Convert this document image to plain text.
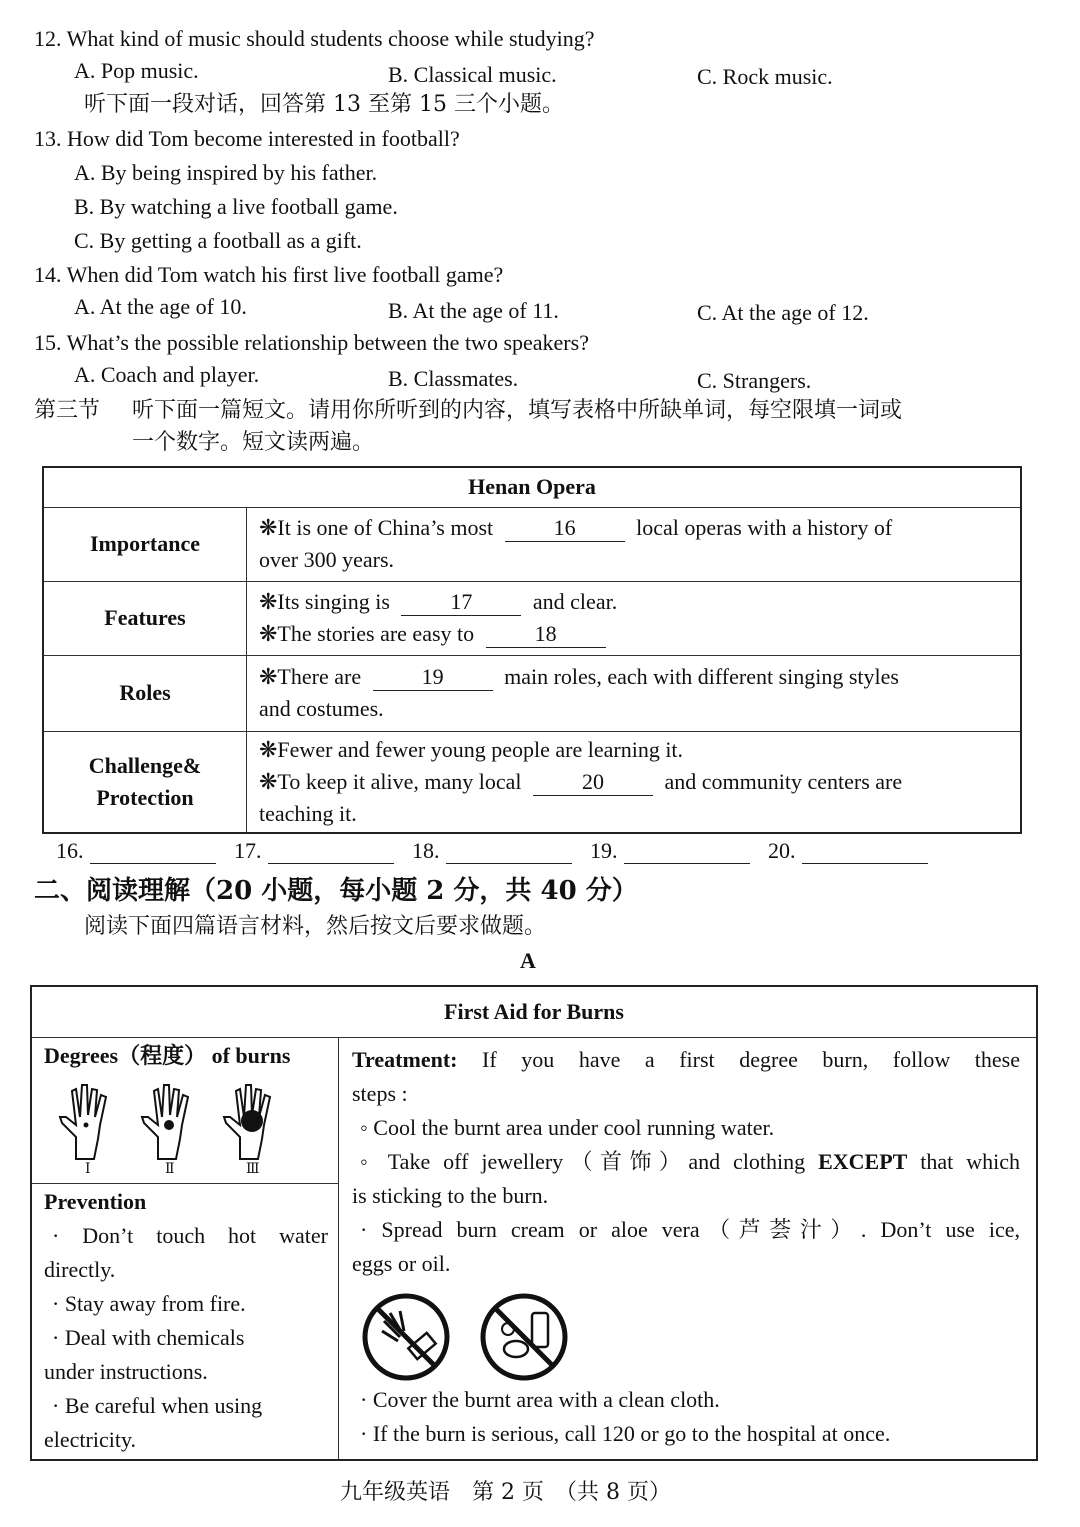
12. What kind of music should students choose while studying?
A. Pop music.	B. Classical music.	C. Rock music.
听下面一段对话，回答第 13 至第 15 三个小题。
13. How did Tom become interested in football?
A. By being inspired by his father.
B. By watching a live football game.
C. By getting a football as a gift.
14. When did Tom watch his first live football game?
A. At the age of 10.	B. At the age of 11.	C. At the age of 12.
15. What’s the possible relationship between the two speakers?
A. Coach and player.	B. Classmates.	C. Strangers.
第三节 听下面一篇短文。请用你所听到的内容，填写表格中所缺单词，每空限填一词或
一个数字。短文读两遍。
Henan Opera	
Importance	❋It is one of China’s most 16 local operas with a history of
over 300 years.
Features	❋Its singing is 17 and clear.
❋The stories are easy to 18
Roles	❋There are 19 main roles, each with different singing styles
and costumes.
Challenge&
Protection	❋Fewer and fewer young people are learning it.
❋To keep it alive, many local 20 and community centers are
teaching it.
16.	17.	18.	19.	20.
二、阅读理解（20 小题，每小题 2 分，共 40 分）
阅读下面四篇语言材料，然后按文后要求做题。
A
First Aid for Burns
Degrees（程度） of burns
Ⅰ	Ⅱ	Ⅲ
Prevention
· Don’t touch hot water
directly.
· Stay away from fire.
· Deal with chemicals
under instructions.
· Be careful when using
electricity.
Treatment: If you have a first degree burn, follow these
steps :
◦ Cool the burnt area under cool running water.
◦ Take off jewellery（首饰）and clothing EXCEPT that which
is sticking to the burn.
· Spread burn cream or aloe vera（芦荟汁）. Don’t use ice,
eggs or oil.
· Cover the burnt area with a clean cloth.
· If the burn is serious, call 120 or go to the hospital at once.
九年级英语　第 2 页　（共 8 页）
